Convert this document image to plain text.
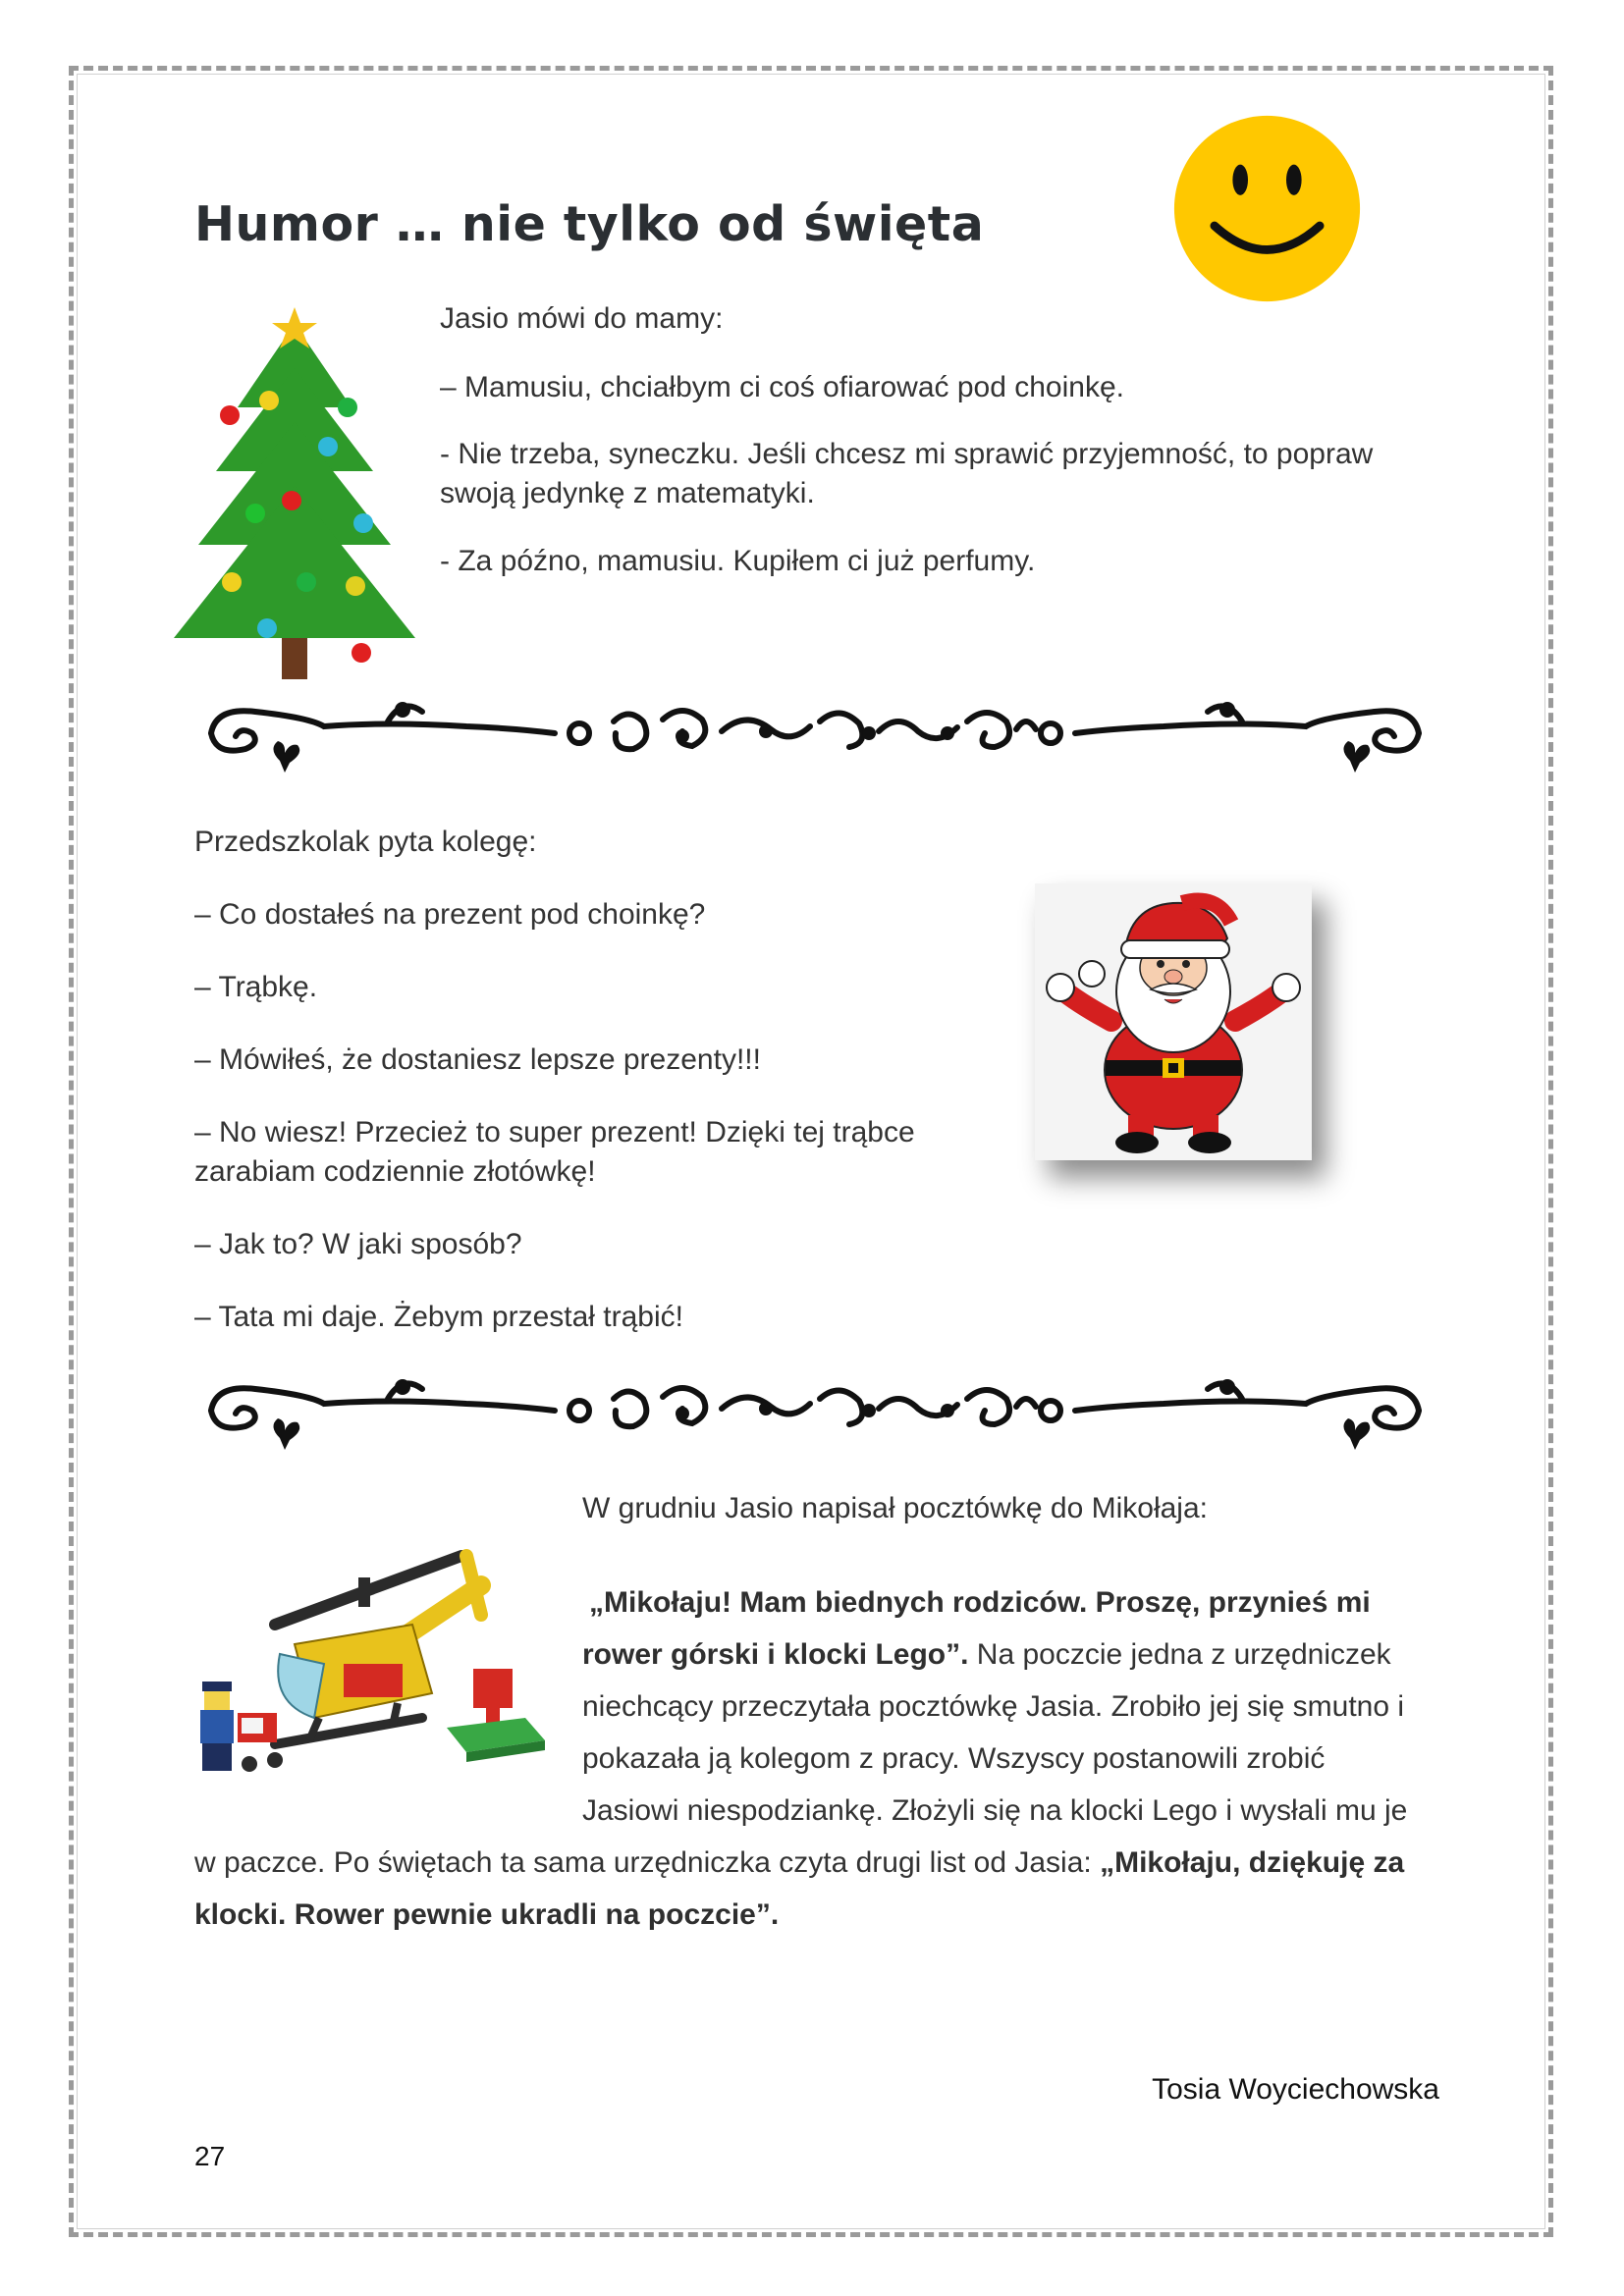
Humor … nie tylko od święta

Jasio mówi do mamy:

– Mamusiu, chciałbym ci coś ofiarować pod choinkę.

- Nie trzeba, syneczku. Jeśli chcesz mi sprawić przyjemność, to popraw swoją jedynkę z matematyki.

- Za późno, mamusiu. Kupiłem ci już perfumy.

Przedszkolak pyta kolegę:

– Co dostałeś na prezent pod choinkę?

– Trąbkę.

– Mówiłeś, że dostaniesz lepsze prezenty!!!

– No wiesz! Przecież to super prezent! Dzięki tej trąbce zarabiam codziennie złotówkę!

– Jak to? W jaki sposób?

– Tata mi daje. Żebym przestał trąbić!

W grudniu Jasio napisał pocztówkę do Mikołaja:

„Mikołaju! Mam biednych rodziców. Proszę, przynieś mi

rower górski i klocki Lego”. Na poczcie jedna z urzędniczek

niechcący przeczytała pocztówkę Jasia. Zrobiło jej się smutno i

pokazała ją kolegom z pracy. Wszyscy postanowili zrobić

Jasiowi niespodziankę. Złożyli się na klocki Lego i wysłali mu je

w paczce. Po świętach ta sama urzędniczka czyta drugi list od Jasia: „Mikołaju, dziękuję za

klocki. Rower pewnie ukradli na poczcie”.

Tosia Woyciechowska

27
